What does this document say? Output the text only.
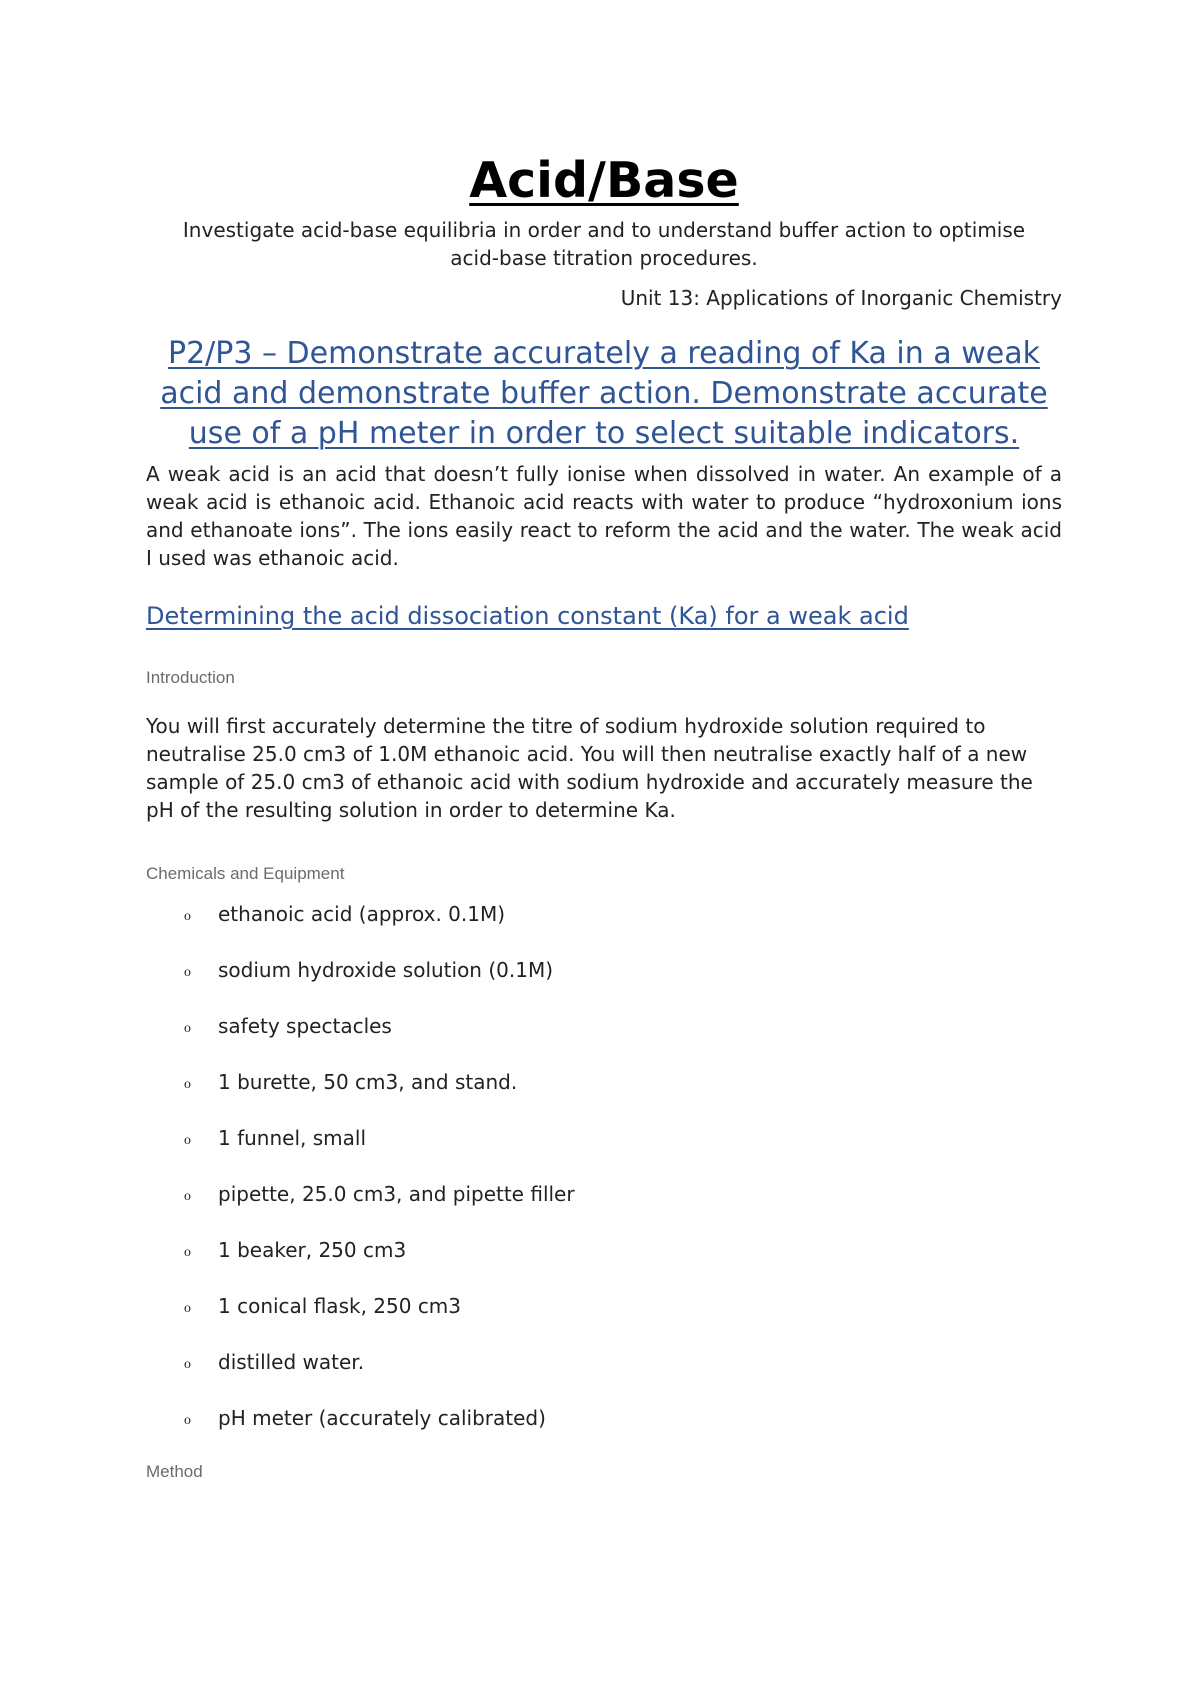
Acid/Base

Investigate acid-base equilibria in order and to understand buffer action to optimise acid-base titration procedures.

Unit 13: Applications of Inorganic Chemistry

P2/P3 – Demonstrate accurately a reading of Ka in a weak acid and demonstrate buffer action. Demonstrate accurate use of a pH meter in order to select suitable indicators.

A weak acid is an acid that doesn’t fully ionise when dissolved in water. An example of a weak acid is ethanoic acid. Ethanoic acid reacts with water to produce “hydroxonium ions and ethanoate ions”. The ions easily react to reform the acid and the water. The weak acid I used was ethanoic acid.

Determining the acid dissociation constant (Ka) for a weak acid

Introduction

You will first accurately determine the titre of sodium hydroxide solution required to neutralise 25.0 cm3 of 1.0M ethanoic acid. You will then neutralise exactly half of a new sample of 25.0 cm3 of ethanoic acid with sodium hydroxide and accurately measure the pH of the resulting solution in order to determine Ka.

Chemicals and Equipment

o ethanoic acid (approx. 0.1M)
o sodium hydroxide solution (0.1M)
o safety spectacles
o 1 burette, 50 cm3, and stand.
o 1 funnel, small
o pipette, 25.0 cm3, and pipette filler
o 1 beaker, 250 cm3
o 1 conical flask, 250 cm3
o distilled water.
o pH meter (accurately calibrated)

Method
